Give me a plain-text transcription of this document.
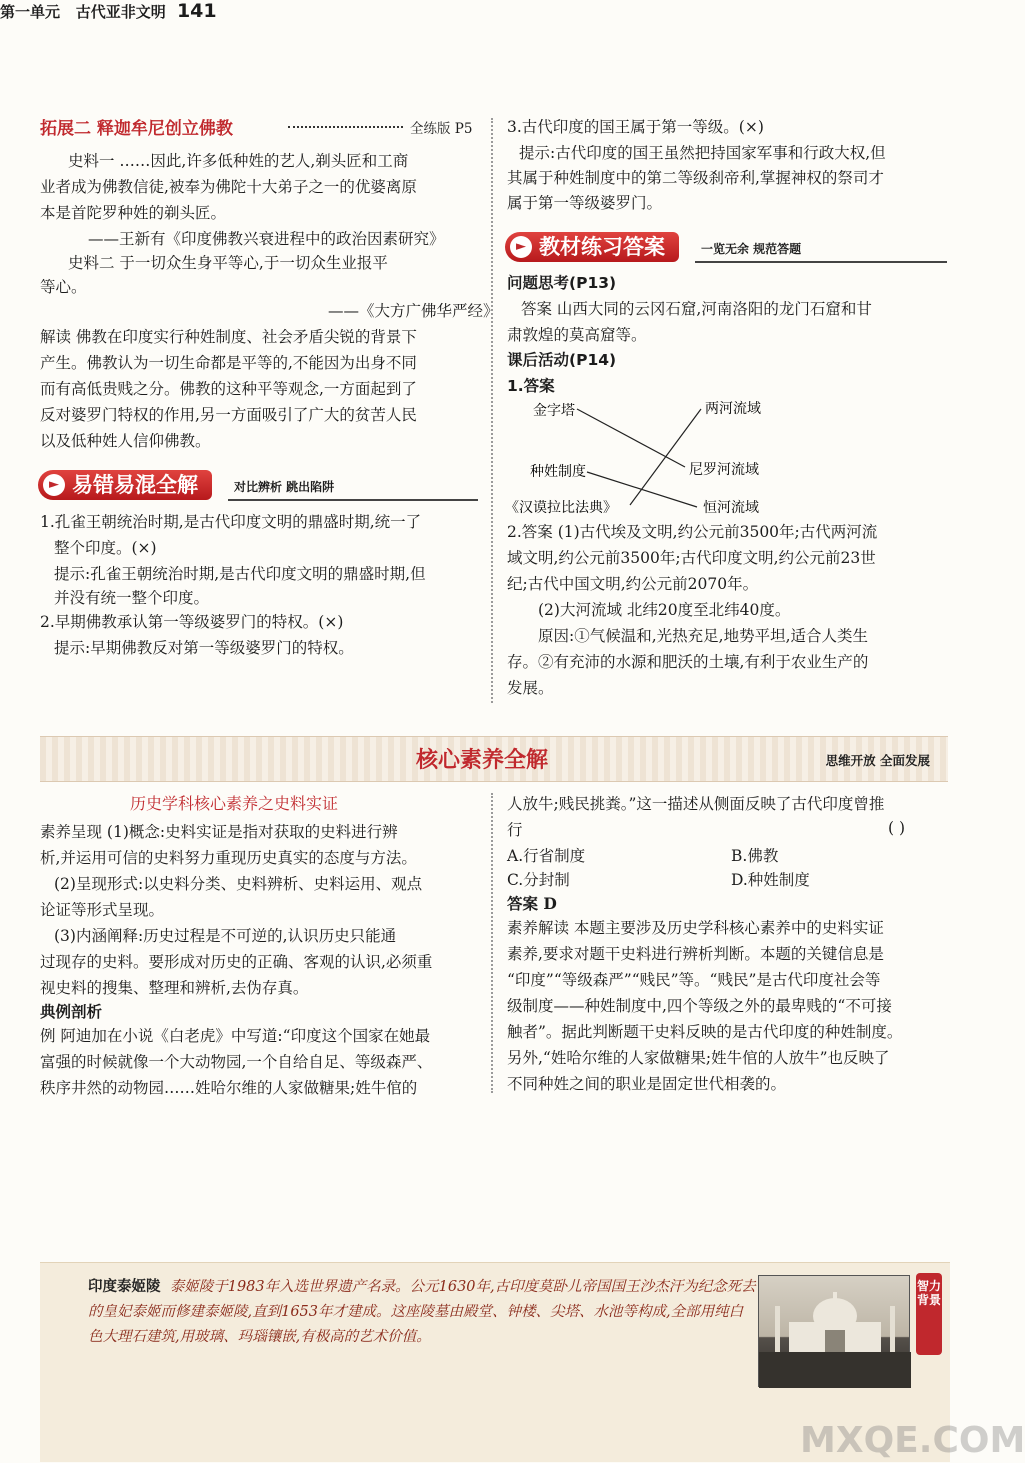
第一单元 古代亚非文明 141
拓展二 释迦牟尼创立佛教	全练版 P5
史料一 ……因此,许多低种姓的艺人,剃头匠和工商
业者成为佛教信徒,被奉为佛陀十大弟子之一的优婆离原
本是首陀罗种姓的剃头匠。
——王新有《印度佛教兴衰进程中的政治因素研究》
史料二 于一切众生身平等心,于一切众生业报平
等心。
——《大方广佛华严经》
解读 佛教在印度实行种姓制度、社会矛盾尖锐的背景下
产生。佛教认为一切生命都是平等的,不能因为出身不同
而有高低贵贱之分。佛教的这种平等观念,一方面起到了
反对婆罗门特权的作用,另一方面吸引了广大的贫苦人民
以及低种姓人信仰佛教。
► 易错易混全解	对比辨析 跳出陷阱
1.孔雀王朝统治时期,是古代印度文明的鼎盛时期,统一了
整个印度。(×)
提示:孔雀王朝统治时期,是古代印度文明的鼎盛时期,但
并没有统一整个印度。
2.早期佛教承认第一等级婆罗门的特权。(×)
提示:早期佛教反对第一等级婆罗门的特权。
3.古代印度的国王属于第一等级。(×)
提示:古代印度的国王虽然把持国家军事和行政大权,但
其属于种姓制度中的第二等级刹帝利,掌握神权的祭司才
属于第一等级婆罗门。
► 教材练习答案	一览无余 规范答题
问题思考(P13)
答案 山西大同的云冈石窟,河南洛阳的龙门石窟和甘
肃敦煌的莫高窟等。
课后活动(P14)
1.答案
金字塔
种姓制度
《汉谟拉比法典》
两河流域
尼罗河流域
恒河流域
2.答案 (1)古代埃及文明,约公元前3500年;古代两河流
域文明,约公元前3500年;古代印度文明,约公元前23世
纪;古代中国文明,约公元前2070年。
(2)大河流域 北纬20度至北纬40度。
原因:①气候温和,光热充足,地势平坦,适合人类生
存。②有充沛的水源和肥沃的土壤,有利于农业生产的
发展。
核心素养全解	思维开放 全面发展
历史学科核心素养之史料实证
素养呈现 (1)概念:史料实证是指对获取的史料进行辨
析,并运用可信的史料努力重现历史真实的态度与方法。
(2)呈现形式:以史料分类、史料辨析、史料运用、观点
论证等形式呈现。
(3)内涵阐释:历史过程是不可逆的,认识历史只能通
过现存的史料。要形成对历史的正确、客观的认识,必须重
视史料的搜集、整理和辨析,去伪存真。
典例剖析
例 阿迪加在小说《白老虎》中写道:“印度这个国家在她最
富强的时候就像一个大动物园,一个自给自足、等级森严、
秩序井然的动物园……姓哈尔维的人家做糖果;姓牛倌的
人放牛;贱民挑粪。”这一描述从侧面反映了古代印度曾推
行	( )
A.行省制度	B.佛教
C.分封制	D.种姓制度
答案 D
素养解读 本题主要涉及历史学科核心素养中的史料实证
素养,要求对题干史料进行辨析判断。本题的关键信息是
“印度”“等级森严”“贱民”等。“贱民”是古代印度社会等
级制度——种姓制度中,四个等级之外的最卑贱的“不可接
触者”。据此判断题干史料反映的是古代印度的种姓制度。
另外,“姓哈尔维的人家做糖果;姓牛倌的人放牛”也反映了
不同种姓之间的职业是固定世代相袭的。
印度泰姬陵 泰姬陵于1983年入选世界遗产名录。公元1630年,古印度莫卧儿帝国国王沙杰汗为纪念死去的皇妃泰姬而修建泰姬陵,直到1653年才建成。这座陵墓由殿堂、钟楼、尖塔、水池等构成,全部用纯白色大理石建筑,用玻璃、玛瑙镶嵌,有极高的艺术价值。
智力背景
MXQE.COM
